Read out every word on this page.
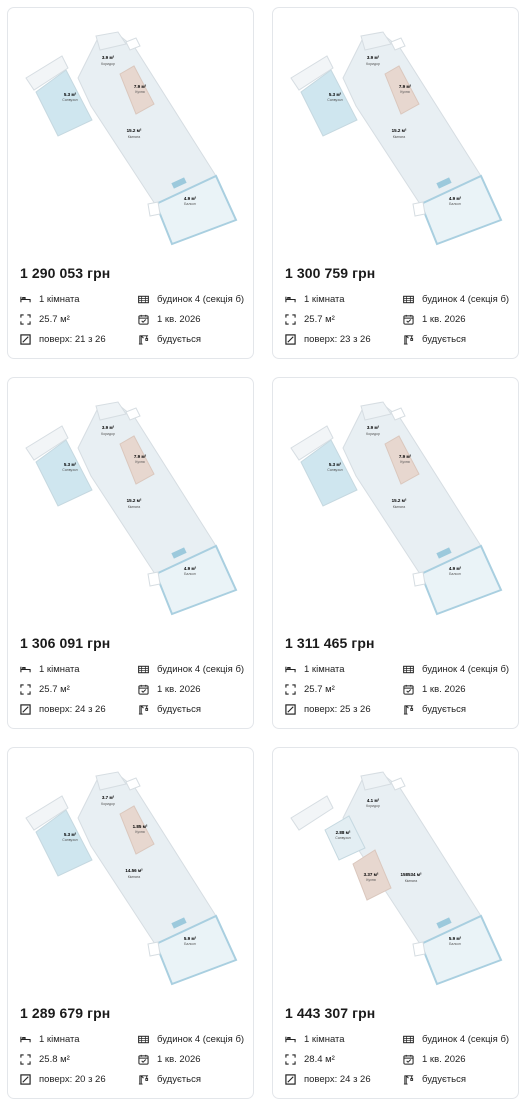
3.9 м²
Коридор
7.9 м²
Кухня
5.3 м²
Санвузол
15.2 м²
Кімната
4.9 м²
Балкон
1 290 053 грн
1 кімната	будинок 4 (секція б)
25.7 м²	1 кв. 2026
поверх: 21 з 26	будується
3.9 м²
Коридор
7.9 м²
Кухня
5.3 м²
Санвузол
15.2 м²
Кімната
4.9 м²
Балкон
1 300 759 грн
1 кімната	будинок 4 (секція б)
25.7 м²	1 кв. 2026
поверх: 23 з 26	будується
3.9 м²
Коридор
7.9 м²
Кухня
5.3 м²
Санвузол
15.2 м²
Кімната
4.9 м²
Балкон
1 306 091 грн
1 кімната	будинок 4 (секція б)
25.7 м²	1 кв. 2026
поверх: 24 з 26	будується
3.9 м²
Коридор
7.9 м²
Кухня
5.3 м²
Санвузол
15.2 м²
Кімната
4.9 м²
Балкон
1 311 465 грн
1 кімната	будинок 4 (секція б)
25.7 м²	1 кв. 2026
поверх: 25 з 26	будується
3.7 м²
Коридор
1.85 м²
Кухня
5.3 м²
Санвузол
14.56 м²
Кімната
5.9 м²
Балкон
1 289 679 грн
1 кімната	будинок 4 (секція б)
25.8 м²	1 кв. 2026
поверх: 20 з 26	будується
4.1 м²
Коридор
3.37 м²
Кухня
2.88 м²
Санвузол
158534 м²
Кімната
5.9 м²
Балкон
1 443 307 грн
1 кімната	будинок 4 (секція б)
28.4 м²	1 кв. 2026
поверх: 24 з 26	будується
